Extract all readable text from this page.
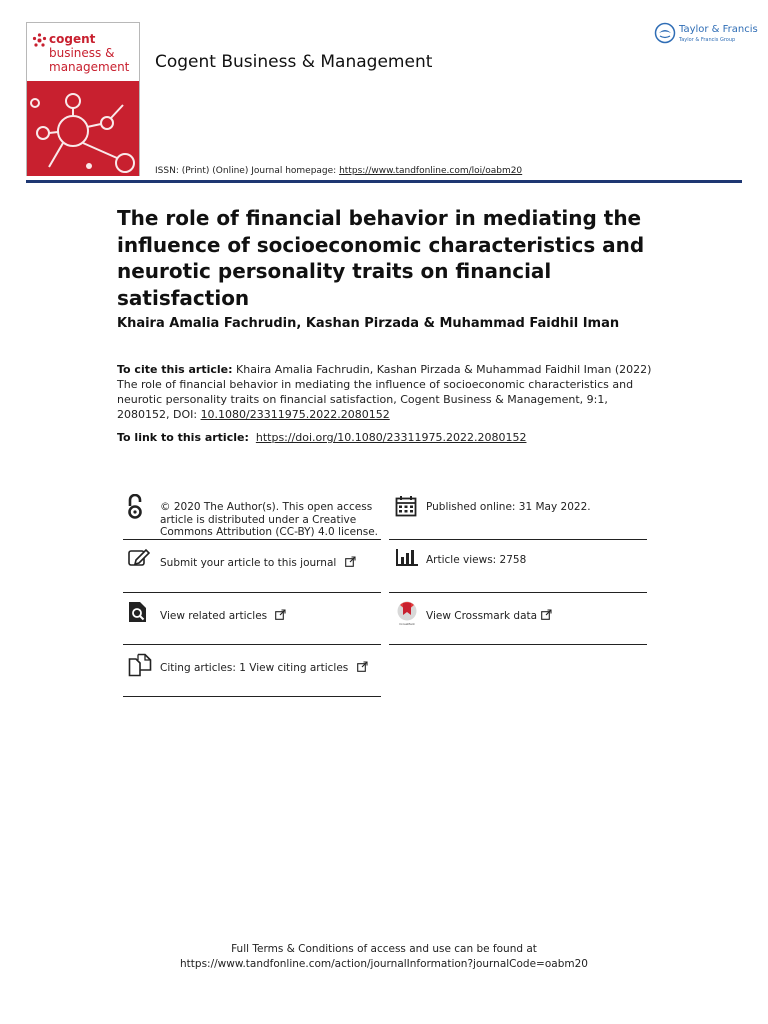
cogent
business &
management Cogent Business & Management
Taylor & Francis
Taylor & Francis Group
ISSN: (Print) (Online) Journal homepage: https://www.tandfonline.com/loi/oabm20
The role of financial behavior in mediating the influence of socioeconomic characteristics and neurotic personality traits on financial satisfaction
Khaira Amalia Fachrudin, Kashan Pirzada & Muhammad Faidhil Iman
To cite this article: Khaira Amalia Fachrudin, Kashan Pirzada & Muhammad Faidhil Iman (2022) The role of financial behavior in mediating the influence of socioeconomic characteristics and neurotic personality traits on financial satisfaction, Cogent Business & Management, 9:1, 2080152, DOI: 10.1080/23311975.2022.2080152
To link to this article: https://doi.org/10.1080/23311975.2022.2080152
© 2020 The Author(s). This open access
article is distributed under a Creative
Commons Attribution (CC-BY) 4.0 license.
Published online: 31 May 2022.
Submit your article to this journal	Article views: 2758
View related articles
CrossMark
View Crossmark data
Citing articles: 1 View citing articles
Full Terms & Conditions of access and use can be found at
https://www.tandfonline.com/action/journalInformation?journalCode=oabm20
